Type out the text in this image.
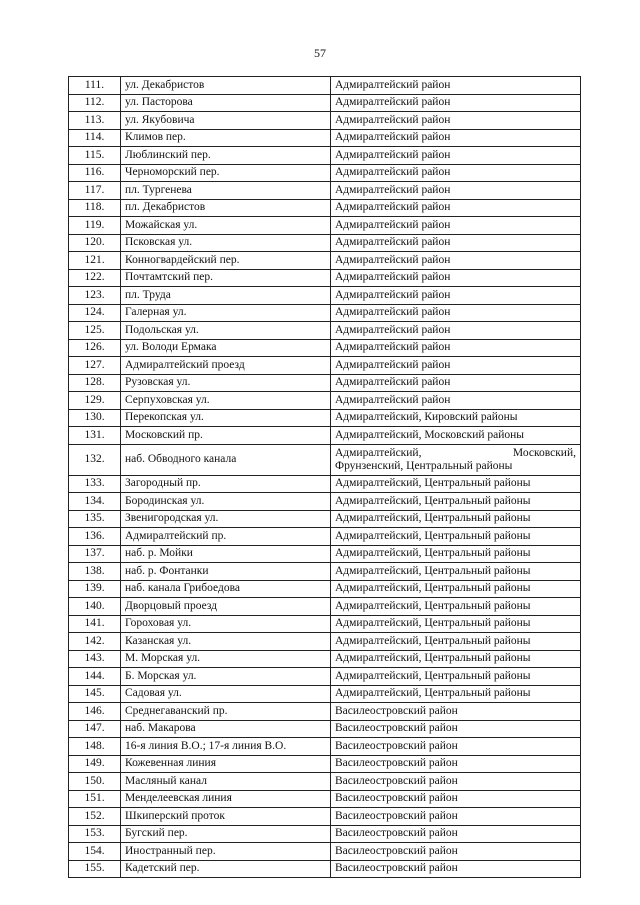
57
111.	ул. Декабристов	Адмиралтейский район
112.	ул. Пасторова	Адмиралтейский район
113.	ул. Якубовича	Адмиралтейский район
114.	Климов пер.	Адмиралтейский район
115.	Люблинский пер.	Адмиралтейский район
116.	Черноморский пер.	Адмиралтейский район
117.	пл. Тургенева	Адмиралтейский район
118.	пл. Декабристов	Адмиралтейский район
119.	Можайская ул.	Адмиралтейский район
120.	Псковская ул.	Адмиралтейский район
121.	Конногвардейский пер.	Адмиралтейский район
122.	Почтамтский пер.	Адмиралтейский район
123.	пл. Труда	Адмиралтейский район
124.	Галерная ул.	Адмиралтейский район
125.	Подольская ул.	Адмиралтейский район
126.	ул. Володи Ермака	Адмиралтейский район
127.	Адмиралтейский проезд	Адмиралтейский район
128.	Рузовская ул.	Адмиралтейский район
129.	Серпуховская ул.	Адмиралтейский район
130.	Перекопская ул.	Адмиралтейский, Кировский районы
131.	Московский пр.	Адмиралтейский, Московский районы
132.	наб. Обводного канала	Адмиралтейский, Московский,
Фрунзенский, Центральный районы

133.	Загородный пр.	Адмиралтейский, Центральный районы
134.	Бородинская ул.	Адмиралтейский, Центральный районы
135.	Звенигородская ул.	Адмиралтейский, Центральный районы
136.	Адмиралтейский пр.	Адмиралтейский, Центральный районы
137.	наб. р. Мойки	Адмиралтейский, Центральный районы
138.	наб. р. Фонтанки	Адмиралтейский, Центральный районы
139.	наб. канала Грибоедова	Адмиралтейский, Центральный районы
140.	Дворцовый проезд	Адмиралтейский, Центральный районы
141.	Гороховая ул.	Адмиралтейский, Центральный районы
142.	Казанская ул.	Адмиралтейский, Центральный районы
143.	М. Морская ул.	Адмиралтейский, Центральный районы
144.	Б. Морская ул.	Адмиралтейский, Центральный районы
145.	Садовая ул.	Адмиралтейский, Центральный районы
146.	Среднегаванский пр.	Василеостровский район
147.	наб. Макарова	Василеостровский район
148.	16-я линия В.О.; 17-я линия В.О.	Василеостровский район
149.	Кожевенная линия	Василеостровский район
150.	Масляный канал	Василеостровский район
151.	Менделеевская линия	Василеостровский район
152.	Шкиперский проток	Василеостровский район
153.	Бугский пер.	Василеостровский район
154.	Иностранный пер.	Василеостровский район
155.	Кадетский пер.	Василеостровский район
